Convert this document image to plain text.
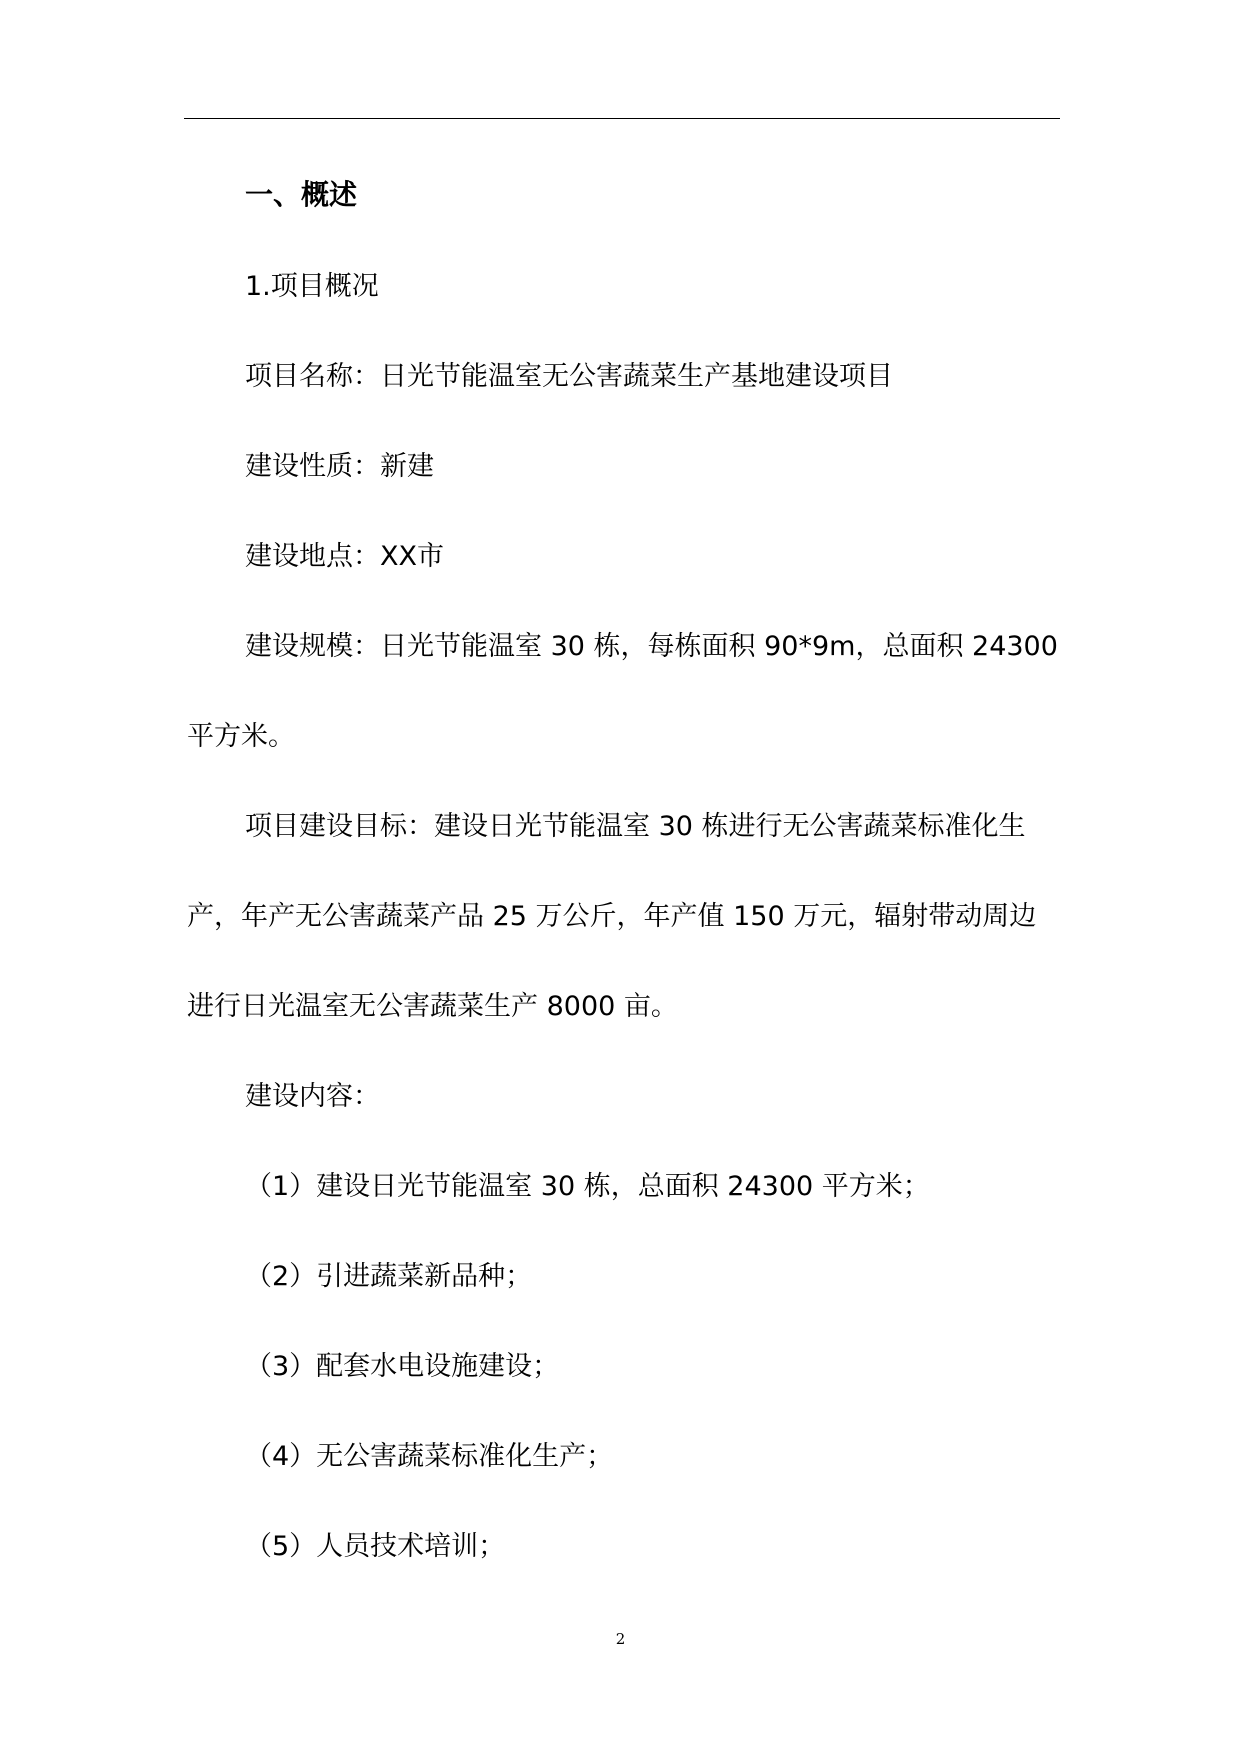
一、概述
1.项目概况
项目名称：日光节能温室无公害蔬菜生产基地建设项目
建设性质：新建
建设地点：XX市
建设规模：日光节能温室 30 栋，每栋面积 90*9m，总面积 24300
平方米。
项目建设目标：建设日光节能温室 30 栋进行无公害蔬菜标准化生
产，年产无公害蔬菜产品 25 万公斤，年产值 150 万元，辐射带动周边
进行日光温室无公害蔬菜生产 8000 亩。
建设内容：
（1）建设日光节能温室 30 栋，总面积 24300 平方米；
（2）引进蔬菜新品种；
（3）配套水电设施建设；
（4）无公害蔬菜标准化生产；
（5）人员技术培训；
2
